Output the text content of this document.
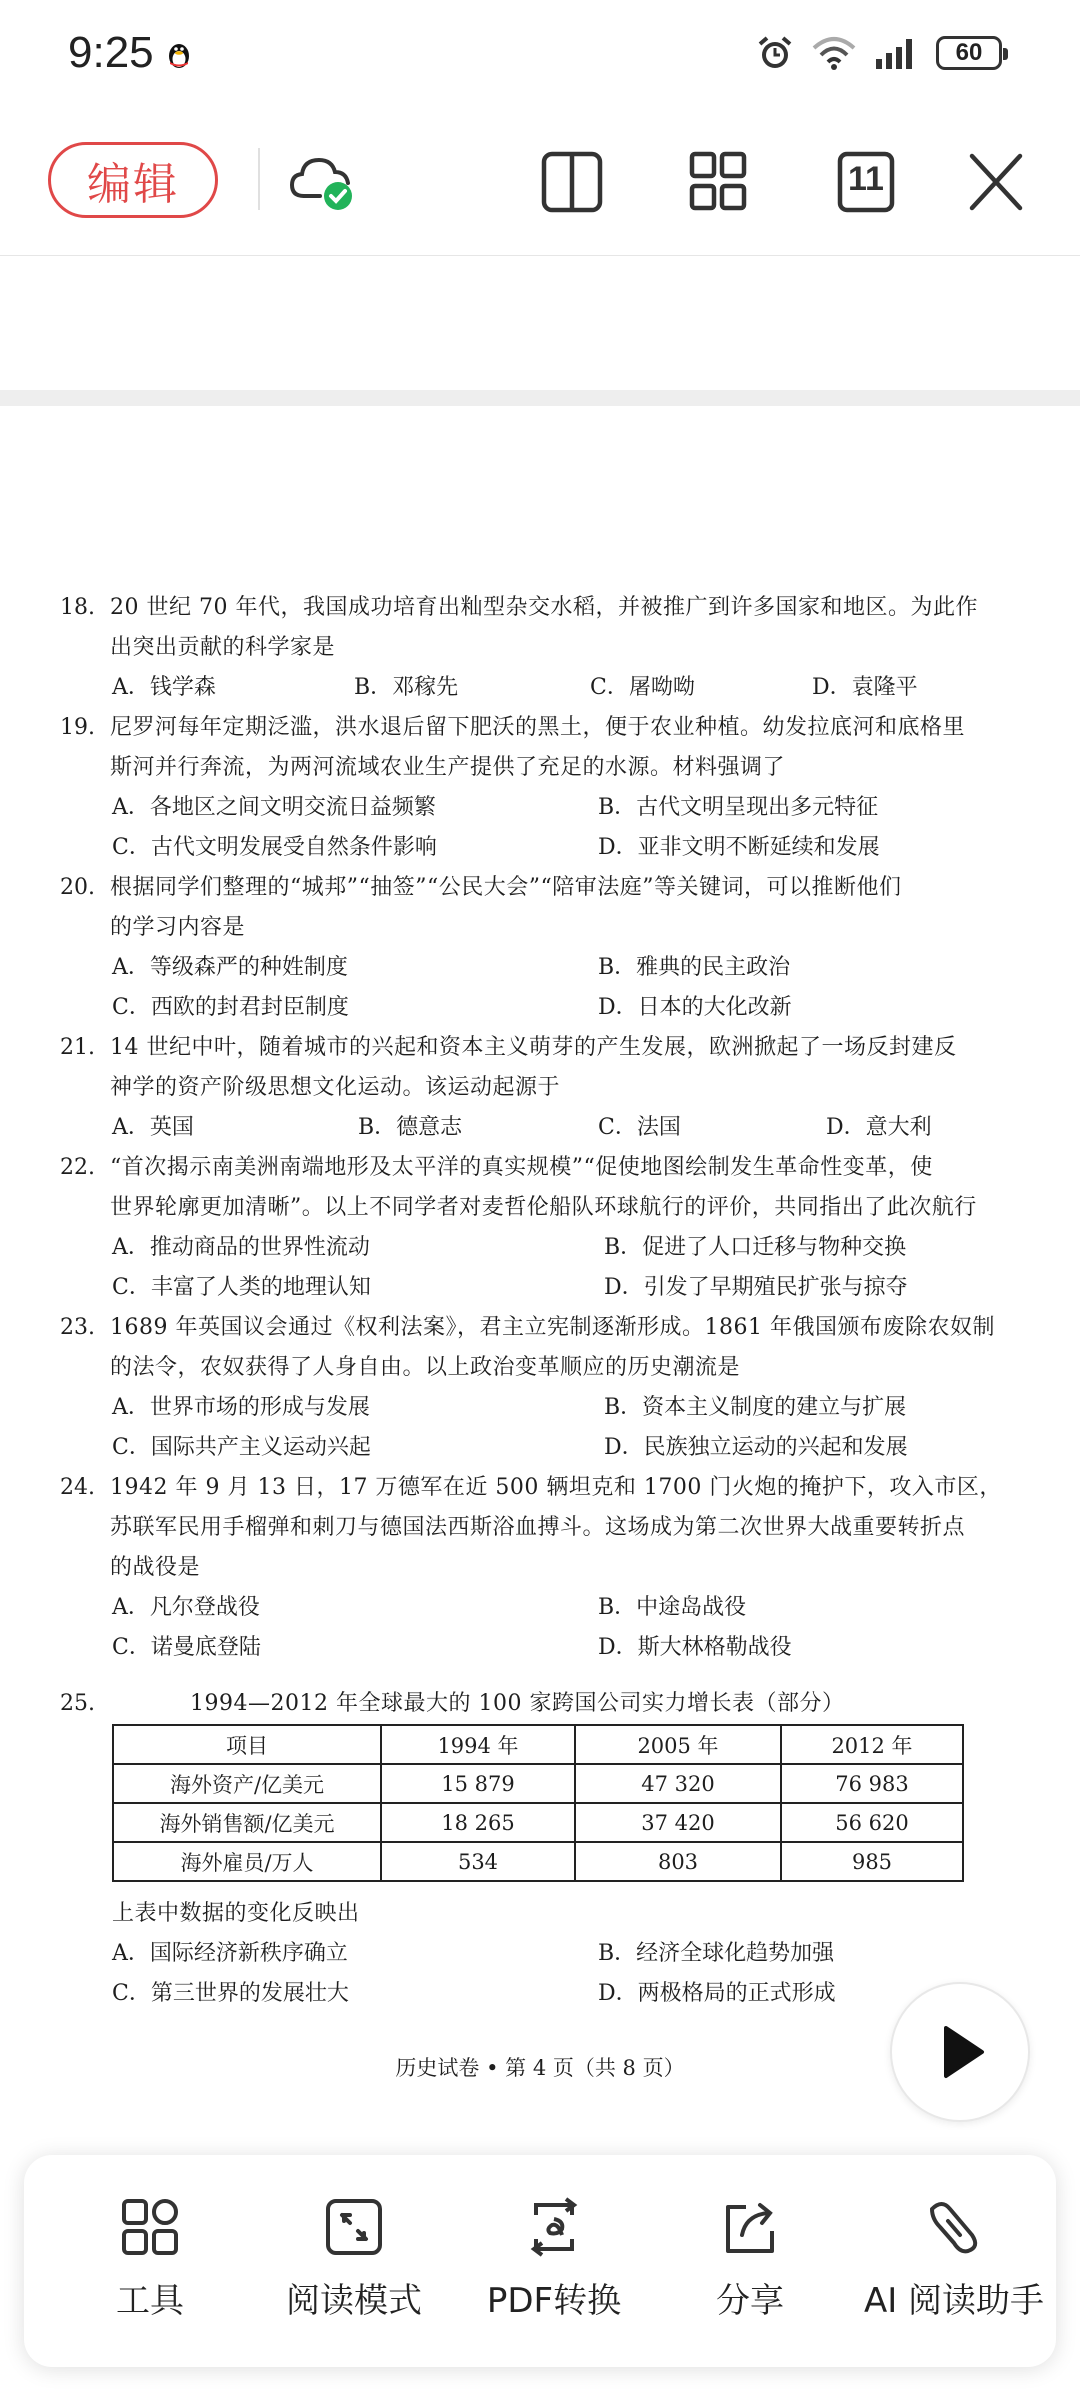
9:25	60
编辑	11
18. 20 世纪 70 年代，我国成功培育出籼型杂交水稻，并被推广到许多国家和地区。为此作
出突出贡献的科学家是
A．钱学森	B．邓稼先	C．屠呦呦	D．袁隆平
19. 尼罗河每年定期泛滥，洪水退后留下肥沃的黑土，便于农业种植。幼发拉底河和底格里
斯河并行奔流，为两河流域农业生产提供了充足的水源。材料强调了
A．各地区之间文明交流日益频繁	B．古代文明呈现出多元特征
C．古代文明发展受自然条件影响	D．亚非文明不断延续和发展
20. 根据同学们整理的“城邦”“抽签”“公民大会”“陪审法庭”等关键词，可以推断他们
的学习内容是
A．等级森严的种姓制度	B．雅典的民主政治
C．西欧的封君封臣制度	D．日本的大化改新
21. 14 世纪中叶，随着城市的兴起和资本主义萌芽的产生发展，欧洲掀起了一场反封建反
神学的资产阶级思想文化运动。该运动起源于
A．英国	B．德意志	C．法国	D．意大利
22. “首次揭示南美洲南端地形及太平洋的真实规模”“促使地图绘制发生革命性变革，使
世界轮廓更加清晰”。以上不同学者对麦哲伦船队环球航行的评价，共同指出了此次航行
A．推动商品的世界性流动	B．促进了人口迁移与物种交换
C．丰富了人类的地理认知	D．引发了早期殖民扩张与掠夺
23. 1689 年英国议会通过《权利法案》，君主立宪制逐渐形成。1861 年俄国颁布废除农奴制
的法令，农奴获得了人身自由。以上政治变革顺应的历史潮流是
A．世界市场的形成与发展	B．资本主义制度的建立与扩展
C．国际共产主义运动兴起	D．民族独立运动的兴起和发展
24. 1942 年 9 月 13 日，17 万德军在近 500 辆坦克和 1700 门火炮的掩护下，攻入市区，
苏联军民用手榴弹和刺刀与德国法西斯浴血搏斗。这场成为第二次世界大战重要转折点
的战役是
A．凡尔登战役	B．中途岛战役
C．诺曼底登陆	D．斯大林格勒战役
25.	1994—2012 年全球最大的 100 家跨国公司实力增长表（部分）
项目	1994 年	2005 年	2012 年
海外资产/亿美元	15 879	47 320	76 983
海外销售额/亿美元	18 265	37 420	56 620
海外雇员/万人	534	803	985
上表中数据的变化反映出
A．国际经济新秩序确立	B．经济全球化趋势加强
C．第三世界的发展壮大	D．两极格局的正式形成
历史试卷 • 第 4 页（共 8 页）
工具	阅读模式	PDF转换	分享	AI 阅读助手
